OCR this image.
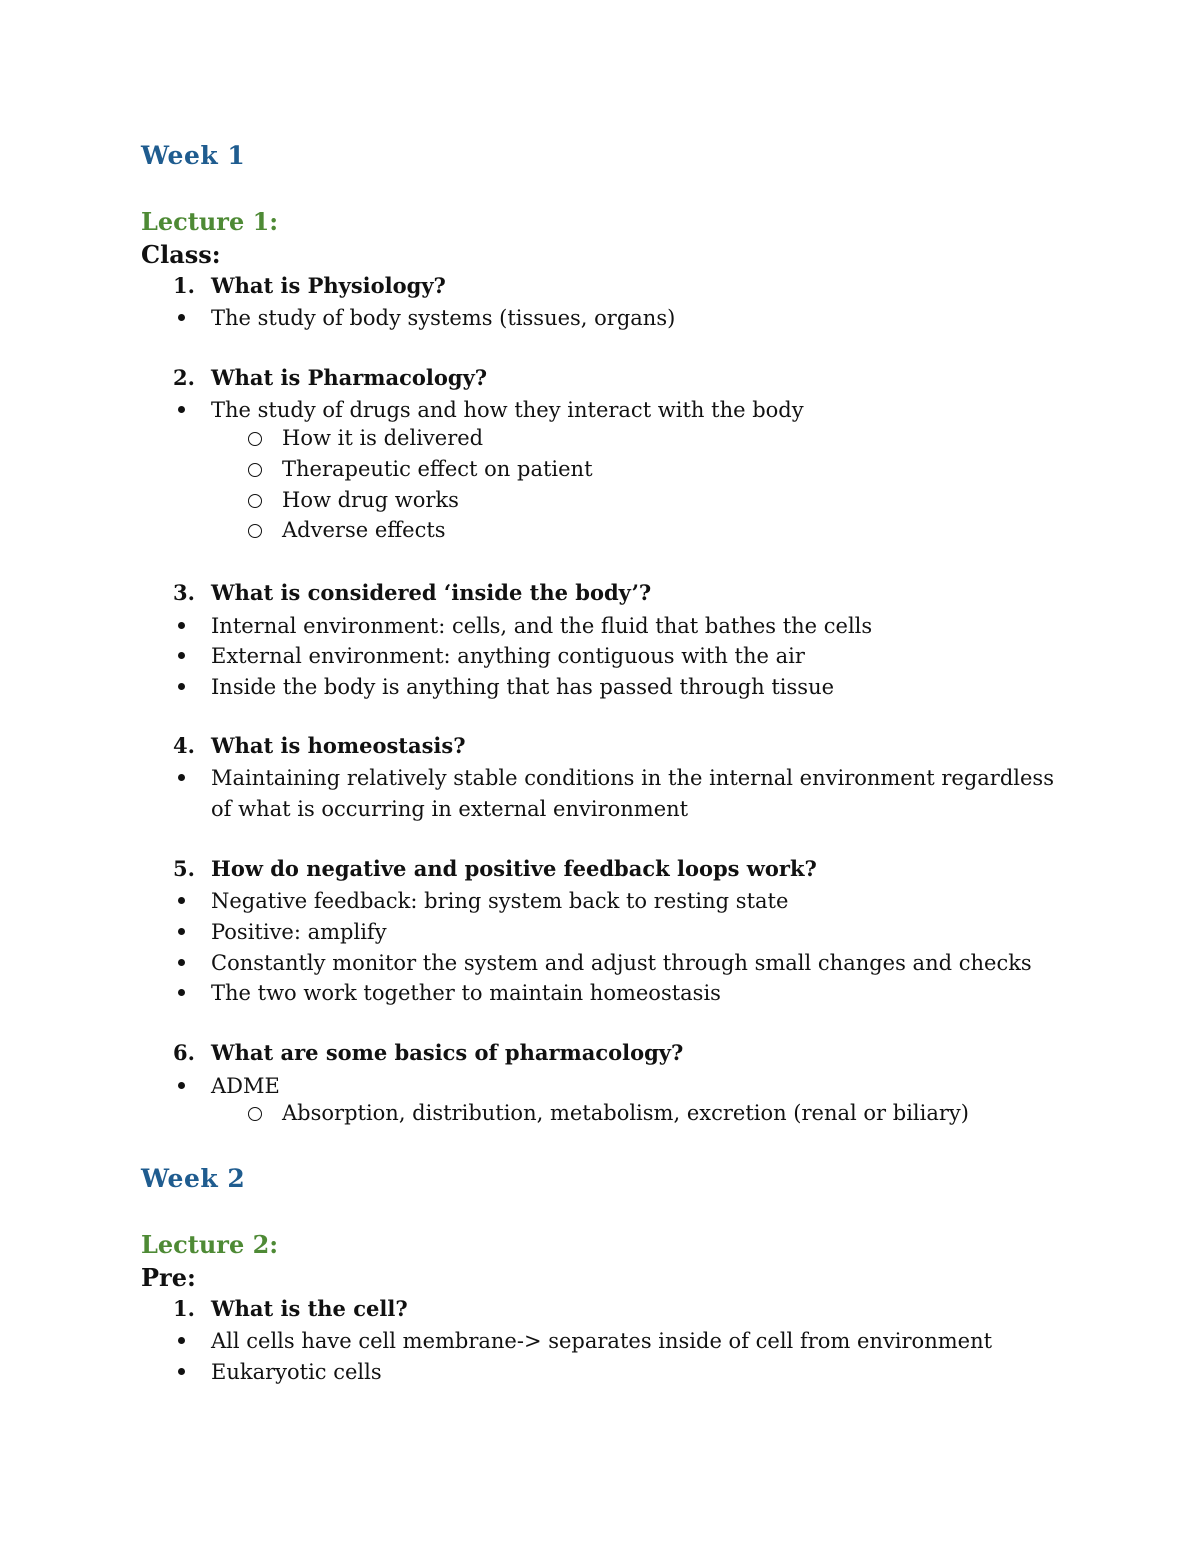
Week 1
Lecture 1:
Class:
1. What is Physiology?
The study of body systems (tissues, organs)
2. What is Pharmacology?
The study of drugs and how they interact with the body
How it is delivered
Therapeutic effect on patient
How drug works
Adverse effects
3. What is considered ‘inside the body’?
Internal environment: cells, and the fluid that bathes the cells
External environment: anything contiguous with the air
Inside the body is anything that has passed through tissue
4. What is homeostasis?
Maintaining relatively stable conditions in the internal environment regardless of what is occurring in external environment
5. How do negative and positive feedback loops work?
Negative feedback: bring system back to resting state
Positive: amplify
Constantly monitor the system and adjust through small changes and checks
The two work together to maintain homeostasis
6. What are some basics of pharmacology?
ADME
Absorption, distribution, metabolism, excretion (renal or biliary)
Week 2
Lecture 2:
Pre:
1. What is the cell?
All cells have cell membrane-> separates inside of cell from environment
Eukaryotic cells
